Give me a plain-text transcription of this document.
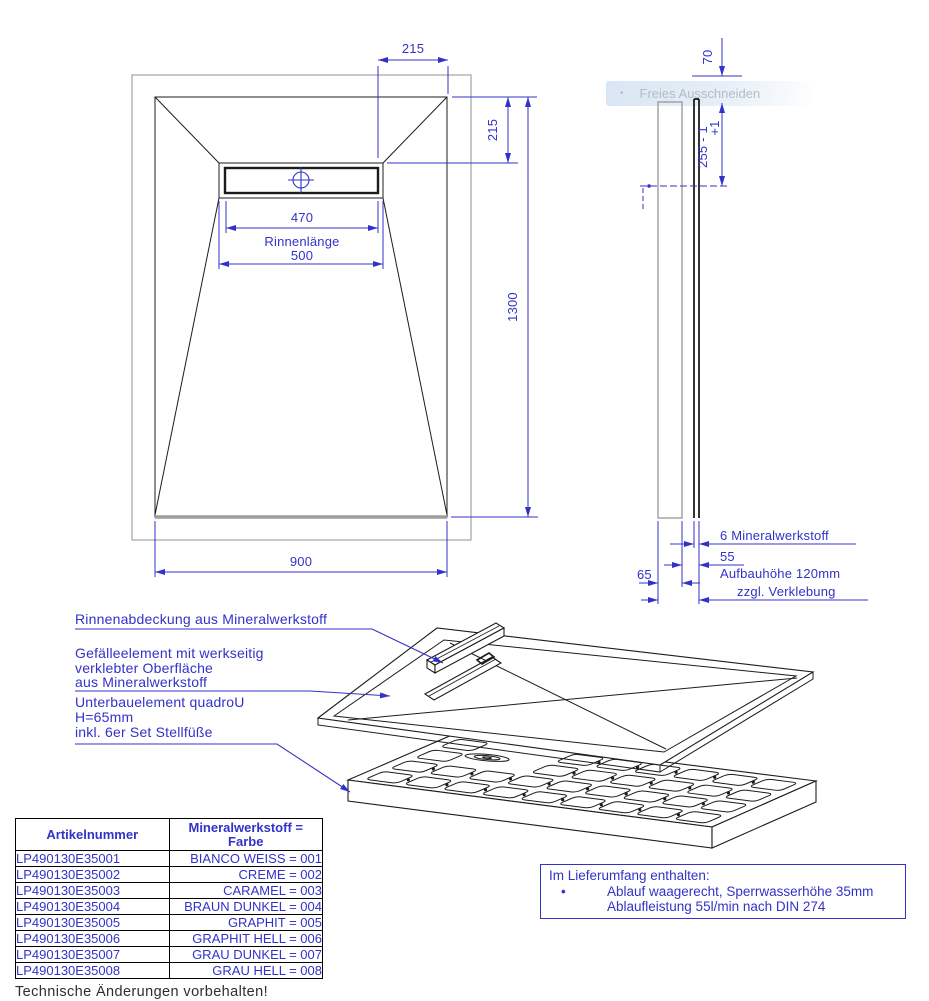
• Freies Ausschneiden
215
215
1300
470
Rinnenlänge
500
900
70
+1
255 - 1
6 Mineralwerkstoff
55
65	Aufbauhöhe 120mm
zzgl. Verklebung
Rinnenabdeckung aus Mineralwerkstoff
Gefälleelement mit werkseitig
verklebter Oberfläche
aus Mineralwerkstoff
Unterbauelement quadroU
H=65mm
inkl. 6er Set Stellfüße
Artikelnummer	Mineralwerkstoff =
Farbe

LP490130E35001	BIANCO WEISS = 001
LP490130E35002	CREME = 002
LP490130E35003	CARAMEL = 003
LP490130E35004	BRAUN DUNKEL = 004
LP490130E35005	GRAPHIT = 005
LP490130E35006	GRAPHIT HELL = 006
LP490130E35007	GRAU DUNKEL = 007
LP490130E35008	GRAU HELL = 008
Im Lieferumfang enthalten:
•	Ablauf waagerecht, Sperrwasserhöhe 35mm
Ablaufleistung 55l/min nach DIN 274
Technische Änderungen vorbehalten!
